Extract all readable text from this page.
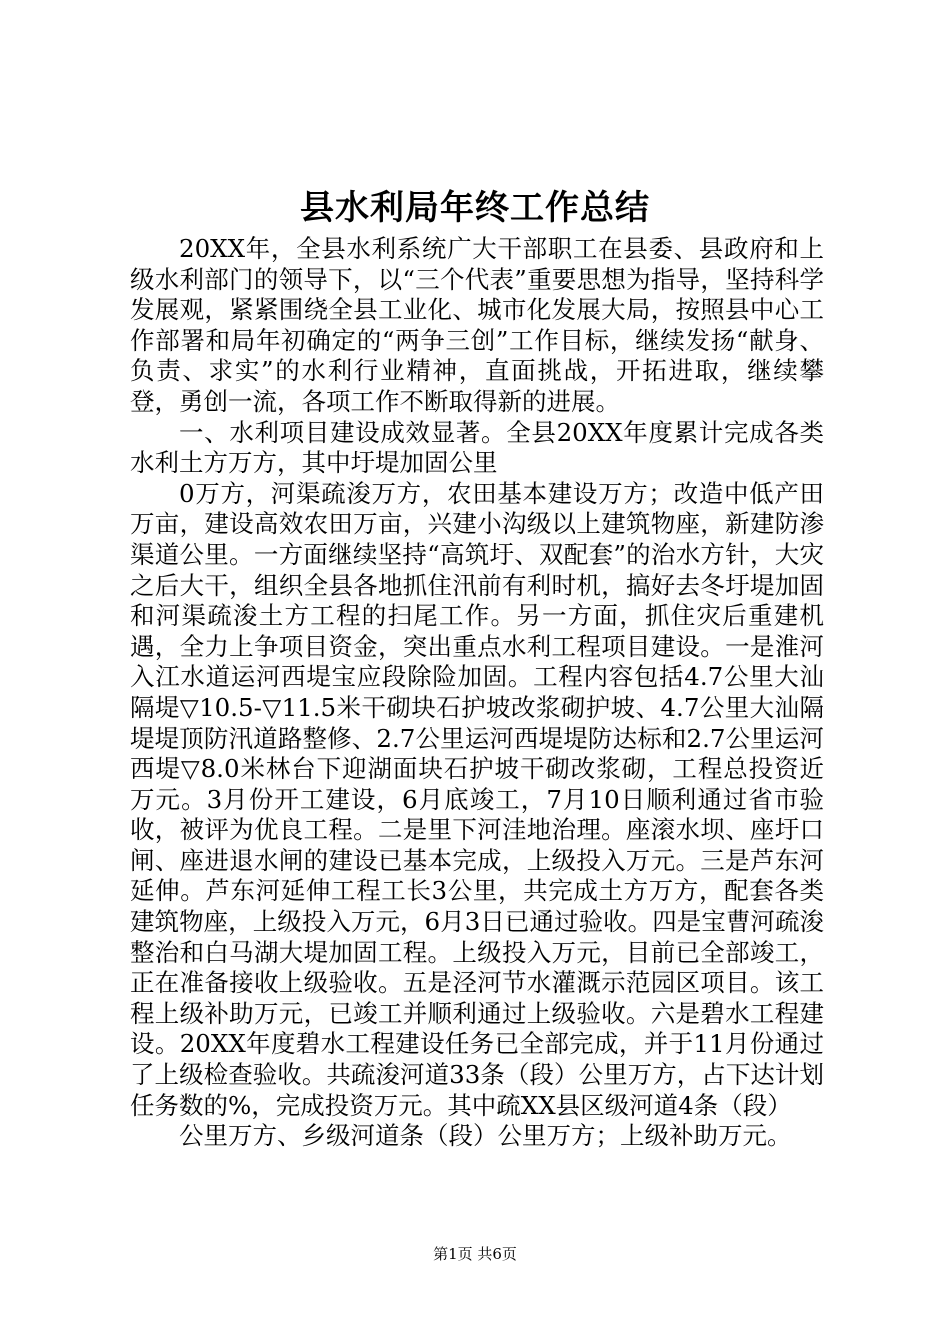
县水利局年终工作总结

20XX年，全县水利系统广大干部职工在县委、县政府和上级水利部门的领导下，以“三个代表”重要思想为指导，坚持科学发展观，紧紧围绕全县工业化、城市化发展大局，按照县中心工作部署和局年初确定的“两争三创”工作目标，继续发扬“献身、负责、求实”的水利行业精神，直面挑战，开拓进取，继续攀登，勇创一流，各项工作不断取得新的进展。

一、水利项目建设成效显著。全县20XX年度累计完成各类水利土方万方，其中圩堤加固公里

0万方，河渠疏浚万方，农田基本建设万方；改造中低产田万亩，建设高效农田万亩，兴建小沟级以上建筑物座，新建防渗渠道公里。一方面继续坚持“高筑圩、双配套”的治水方针，大灾之后大干，组织全县各地抓住汛前有利时机，搞好去冬圩堤加固和河渠疏浚土方工程的扫尾工作。另一方面，抓住灾后重建机遇，全力上争项目资金，突出重点水利工程项目建设。一是淮河入江水道运河西堤宝应段除险加固。工程内容包括4.7公里大汕隔堤▽10.5-▽11.5米干砌块石护坡改浆砌护坡、4.7公里大汕隔堤堤顶防汛道路整修、2.7公里运河西堤堤防达标和2.7公里运河西堤▽8.0米林台下迎湖面块石护坡干砌改浆砌，工程总投资近万元。3月份开工建设，6月底竣工，7月10日顺利通过省市验收，被评为优良工程。二是里下河洼地治理。座滚水坝、座圩口闸、座进退水闸的建设已基本完成，上级投入万元。三是芦东河延伸。芦东河延伸工程工长3公里，共完成土方万方，配套各类建筑物座，上级投入万元，6月3日已通过验收。四是宝曹河疏浚整治和白马湖大堤加固工程。上级投入万元，目前已全部竣工，正在准备接收上级验收。五是泾河节水灌溉示范园区项目。该工程上级补助万元，已竣工并顺利通过上级验收。六是碧水工程建设。20XX年度碧水工程建设任务已全部完成，并于11月份通过了上级检查验收。共疏浚河道33条（段）公里万方，占下达计划任务数的%，完成投资万元。其中疏XX县区级河道4条（段）

公里万方、乡级河道条（段）公里万方；上级补助万元。

第1页 共6页
